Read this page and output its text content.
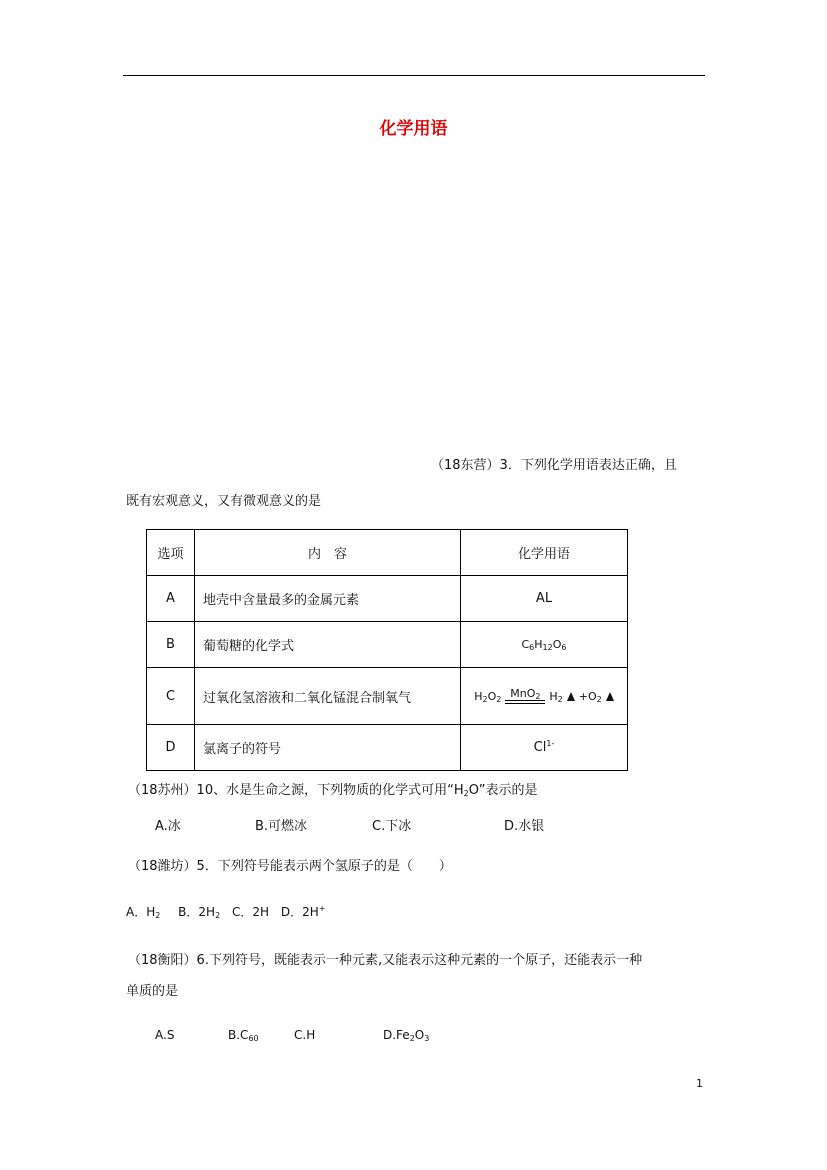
化学用语
（18东营）3．下列化学用语表达正确，且
既有宏观意义，又有微观意义的是
选项	内　容	化学用语
A	地壳中含量最多的金属元素	AL
B	葡萄糖的化学式	$C_6H_{12}O_6$
C	过氧化氢溶液和二氧化锰混合制氧气	$H_2O_2$ MnO$_2$ $H_2 +O_2$

D	氯离子的符号	$Cl^{1-}$
（18苏州）10、水是生命之源，下列物质的化学式可用“$H_2O$”表示的是
A.冰	B.可燃冰	C.下冰	D.水银
（18潍坊）5．下列符号能表示两个氢原子的是（　　）
A．$H_2$ B．$2H_2$ C．2H D．2H+
（18衡阳）6.下列符号，既能表示一种元素,又能表示这种元素的一个原子，还能表示一种
单质的是
A.S	$B.C_{60}$	C.H	$D.Fe_2O_3$
1
